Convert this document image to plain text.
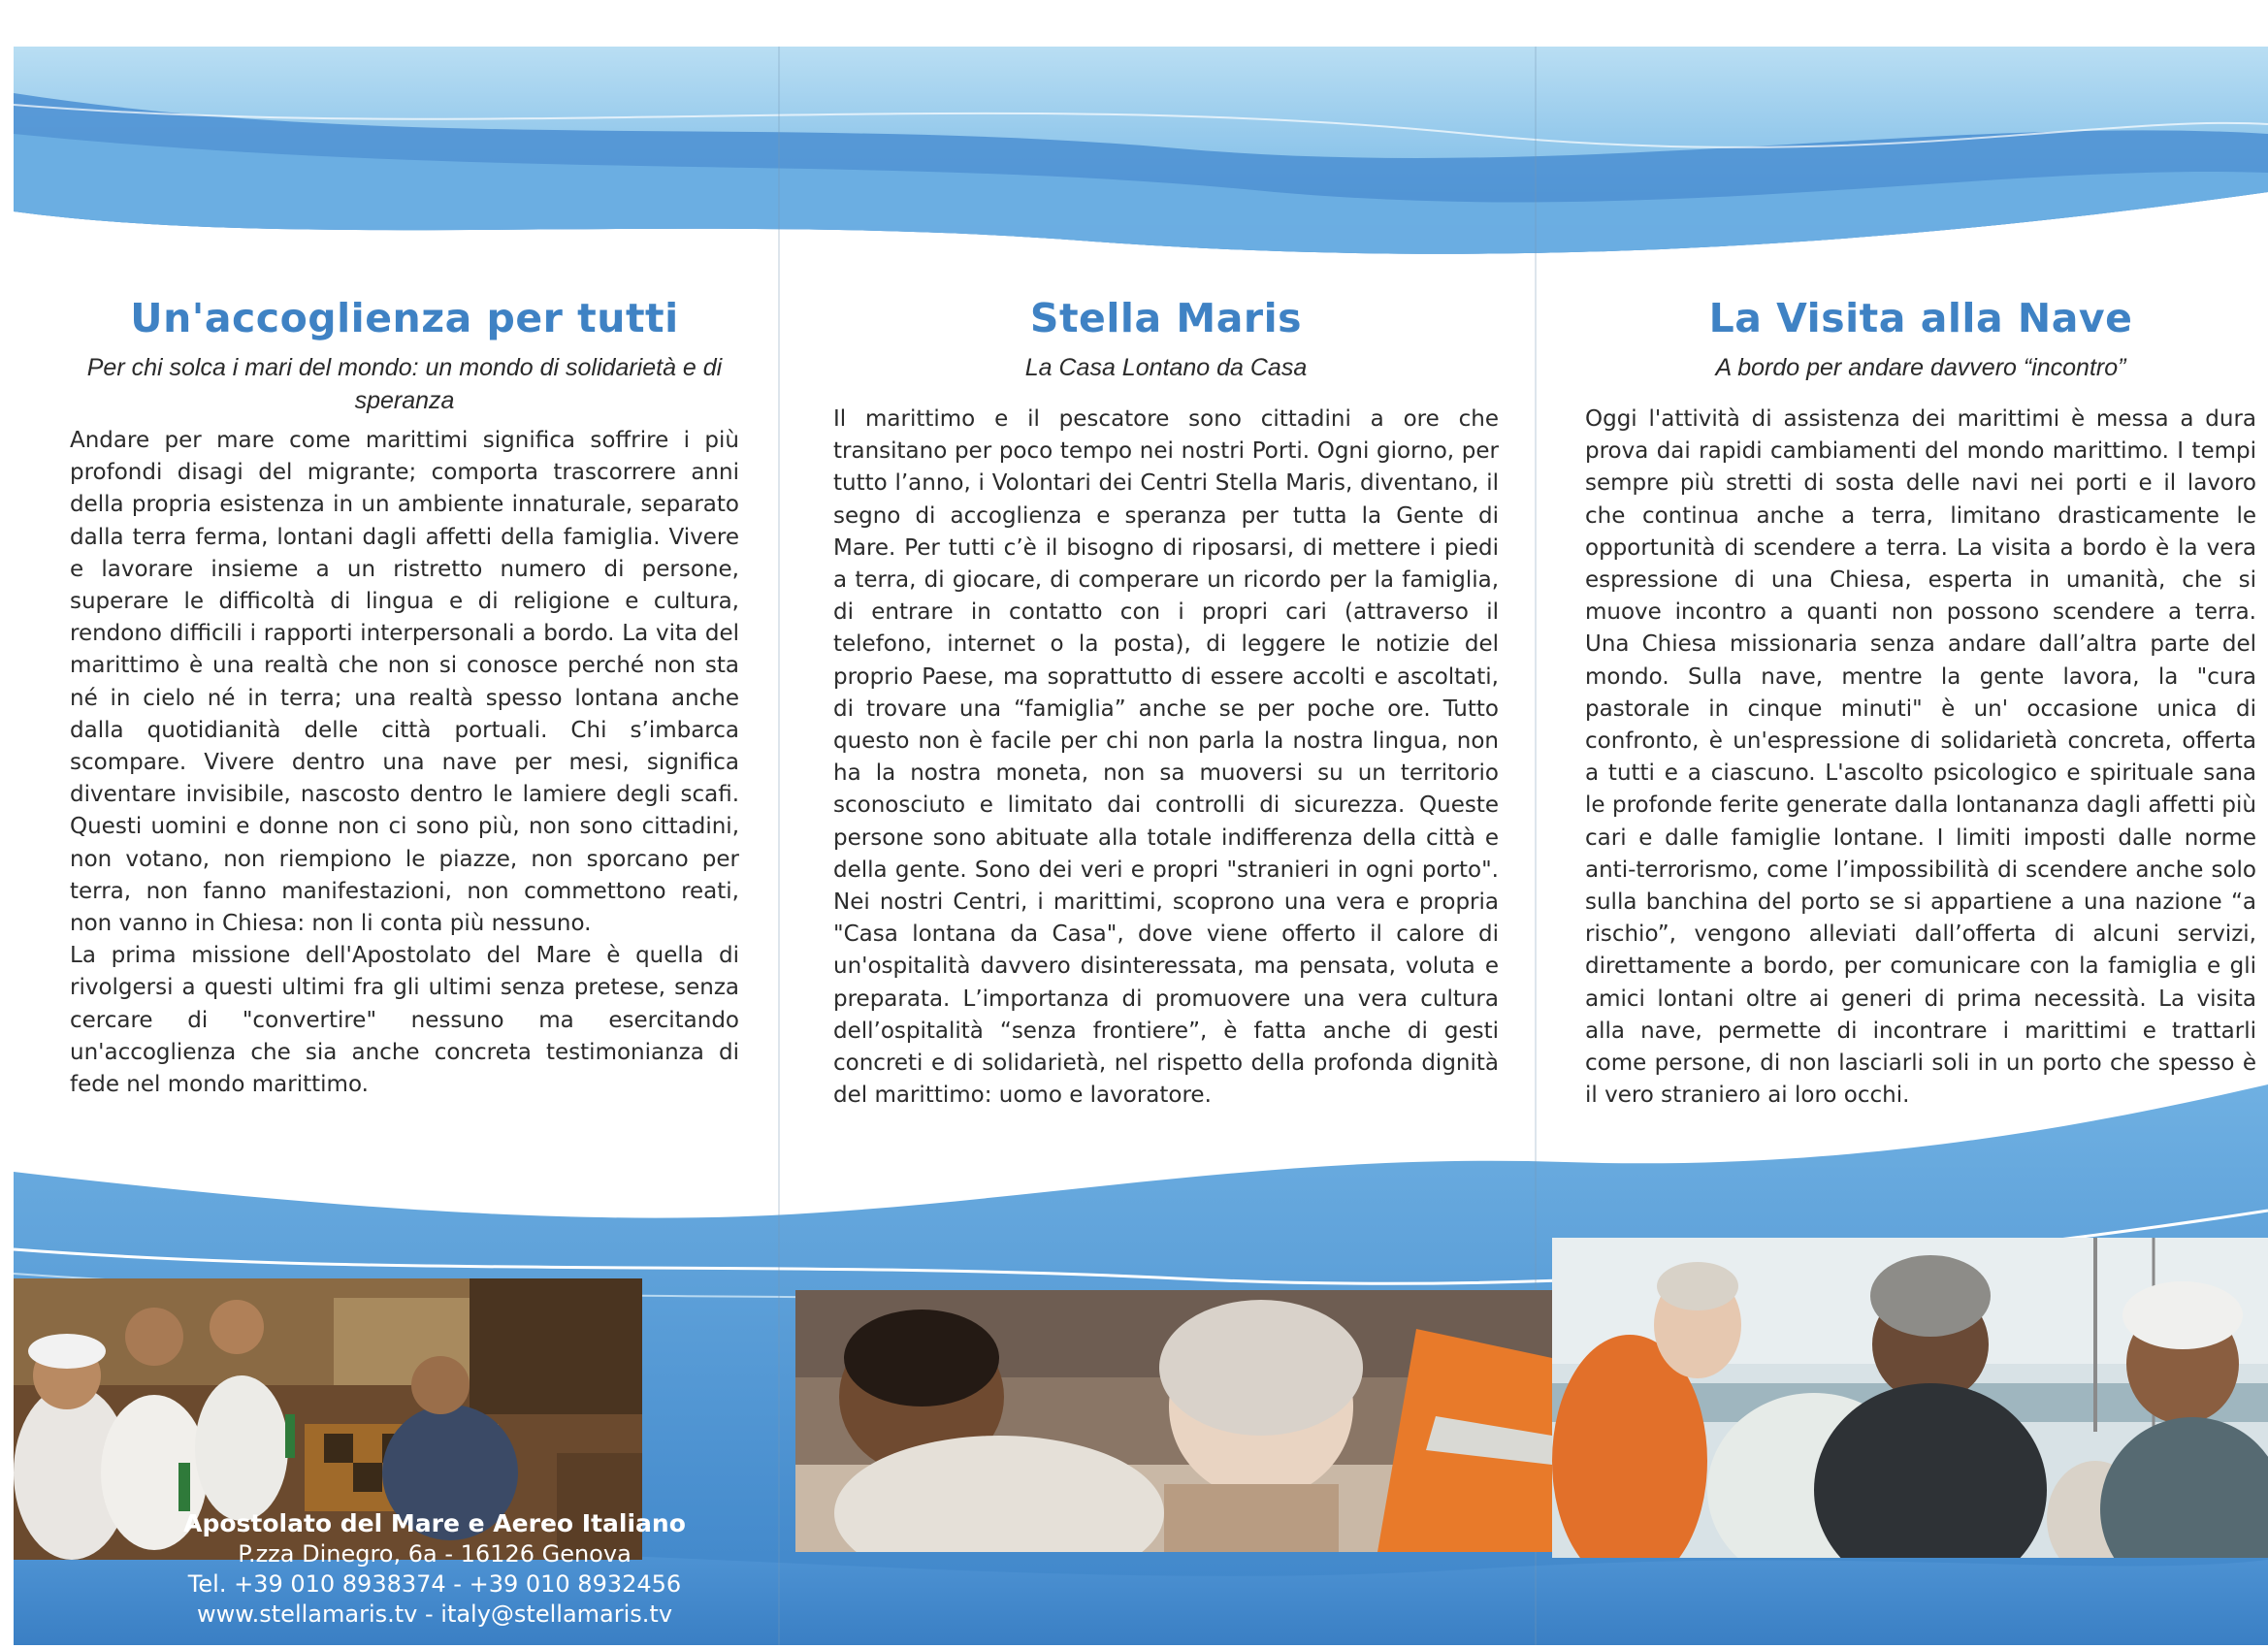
Un'accoglienza per tutti
Per chi solca i mari del mondo: un mondo di solidarietà e di speranza

Andare per mare come marittimi significa soffrire i più profondi disagi del migrante; comporta trascorrere anni della propria esistenza in un ambiente innaturale, separato dalla terra ferma, lontani dagli affetti della famiglia. Vivere e lavorare insieme a un ristretto numero di persone, superare le difficoltà di lingua e di religione e cultura, rendono difficili i rapporti interpersonali a bordo. La vita del marittimo è una realtà che non si conosce perché non sta né in cielo né in terra; una realtà spesso lontana anche dalla quotidianità delle città portuali. Chi s’imbarca scompare. Vivere dentro una nave per mesi, significa diventare invisibile, nascosto dentro le lamiere degli scafi. Questi uomini e donne non ci sono più, non sono cittadini, non votano, non riempiono le piazze, non sporcano per terra, non fanno manifestazioni, non commettono reati, non vanno in Chiesa: non li conta più nessuno.

La prima missione dell'Apostolato del Mare è quella di rivolgersi a questi ultimi fra gli ultimi senza pretese, senza cercare di "convertire" nessuno ma esercitando un'accoglienza che sia anche concreta testimonianza di fede nel mondo marittimo.

Stella Maris
La Casa Lontano da Casa

Il marittimo e il pescatore sono cittadini a ore che transitano per poco tempo nei nostri Porti. Ogni giorno, per tutto l’anno, i Volontari dei Centri Stella Maris, diventano, il segno di accoglienza e speranza per tutta la Gente di Mare. Per tutti c’è il bisogno di riposarsi, di mettere i piedi a terra, di giocare, di comperare un ricordo per la famiglia, di entrare in contatto con i propri cari (attraverso il telefono, internet o la posta), di leggere le notizie del proprio Paese, ma soprattutto di essere accolti e ascoltati, di trovare una “famiglia” anche se per poche ore. Tutto questo non è facile per chi non parla la nostra lingua, non ha la nostra moneta, non sa muoversi su un territorio sconosciuto e limitato dai controlli di sicurezza. Queste persone sono abituate alla totale indifferenza della città e della gente. Sono dei veri e propri "stranieri in ogni porto". Nei nostri Centri, i marittimi, scoprono una vera e propria "Casa lontana da Casa", dove viene offerto il calore di un'ospitalità davvero disinteressata, ma pensata, voluta e preparata. L’importanza di promuovere una vera cultura dell’ospitalità “senza frontiere”, è fatta anche di gesti concreti e di solidarietà, nel rispetto della profonda dignità del marittimo: uomo e lavoratore.

La Visita alla Nave
A bordo per andare davvero “incontro”

Oggi l'attività di assistenza dei marittimi è messa a dura prova dai rapidi cambiamenti del mondo marittimo. I tempi sempre più stretti di sosta delle navi nei porti e il lavoro che continua anche a terra, limitano drasticamente le opportunità di scendere a terra. La visita a bordo è la vera espressione di una Chiesa, esperta in umanità, che si muove incontro a quanti non possono scendere a terra. Una Chiesa missionaria senza andare dall’altra parte del mondo. Sulla nave, mentre la gente lavora, la "cura pastorale in cinque minuti" è un' occasione unica di confronto, è un'espressione di solidarietà concreta, offerta a tutti e a ciascuno. L'ascolto psicologico e spirituale sana le profonde ferite generate dalla lontananza dagli affetti più cari e dalle famiglie lontane. I limiti imposti dalle norme anti-terrorismo, come l’impossibilità di scendere anche solo sulla banchina del porto se si appartiene a una nazione “a rischio”, vengono alleviati dall’offerta di alcuni servizi, direttamente a bordo, per comunicare con la famiglia e gli amici lontani oltre ai generi di prima necessità. La visita alla nave, permette di incontrare i marittimi e trattarli come persone, di non lasciarli soli in un porto che spesso è il vero straniero ai loro occhi.

Apostolato del Mare e Aereo Italiano
P.zza Dinegro, 6a - 16126 Genova
Tel. +39 010 8938374 - +39 010 8932456
www.stellamaris.tv - italy@stellamaris.tv
